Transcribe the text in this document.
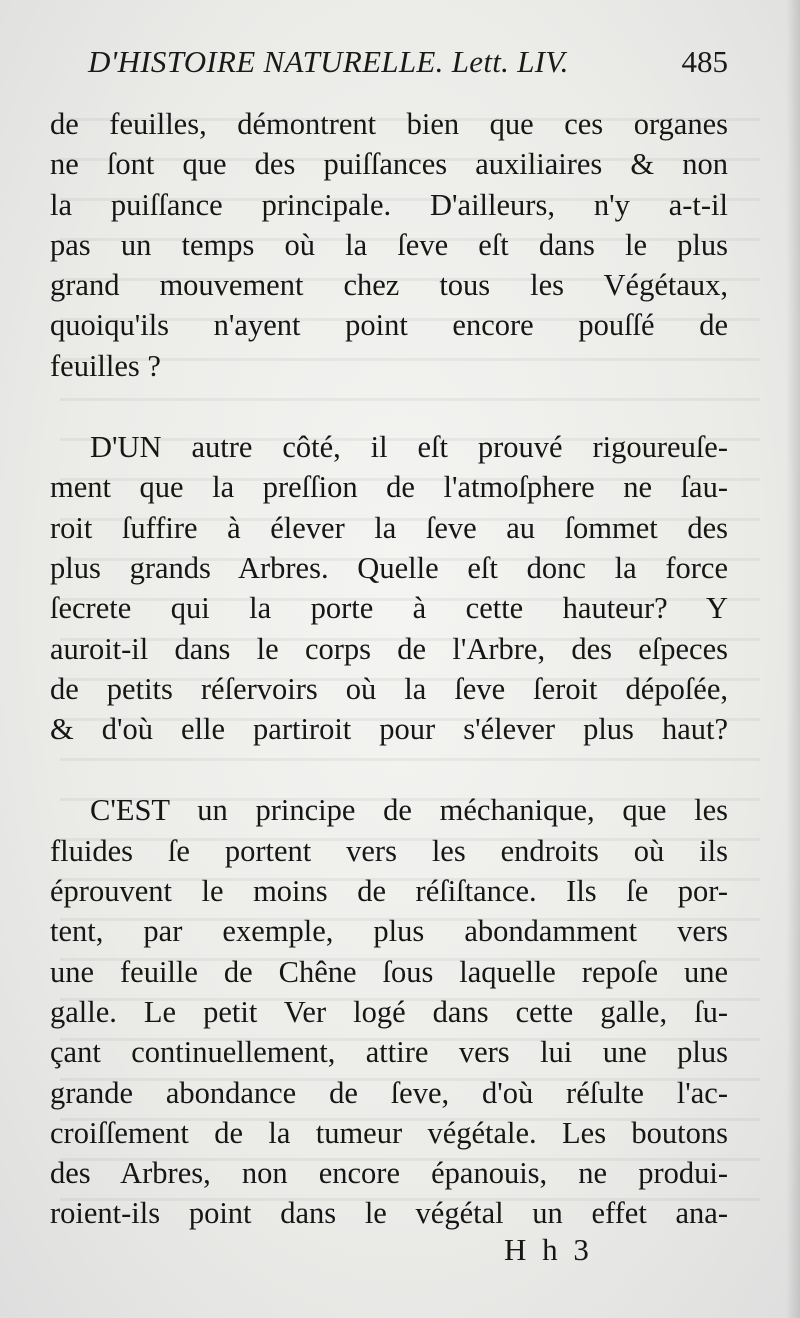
D'HISTOIRE NATURELLE. Lett. LIV.	485
de feuilles, démontrent bien que ces organes
ne ſont que des puiſſances auxiliaires & non
la puiſſance principale. D'ailleurs, n'y a-t-il
pas un temps où la ſeve eſt dans le plus
grand mouvement chez tous les Végétaux,
quoiqu'ils n'ayent point encore pouſſé de
feuilles ?
D'UN autre côté, il eſt prouvé rigoureuſe-
ment que la preſſion de l'atmoſphere ne ſau-
roit ſuffire à élever la ſeve au ſommet des
plus grands Arbres. Quelle eſt donc la force
ſecrete qui la porte à cette hauteur? Y
auroit-il dans le corps de l'Arbre, des eſpeces
de petits réſervoirs où la ſeve ſeroit dépoſée,
& d'où elle partiroit pour s'élever plus haut?
C'EST un principe de méchanique, que les
fluides ſe portent vers les endroits où ils
éprouvent le moins de réſiſtance. Ils ſe por-
tent, par exemple, plus abondamment vers
une feuille de Chêne ſous laquelle repoſe une
galle. Le petit Ver logé dans cette galle, ſu-
çant continuellement, attire vers lui une plus
grande abondance de ſeve, d'où réſulte l'ac-
croiſſement de la tumeur végétale. Les boutons
des Arbres, non encore épanouis, ne produi-
roient-ils point dans le végétal un effet ana-
H h 3
